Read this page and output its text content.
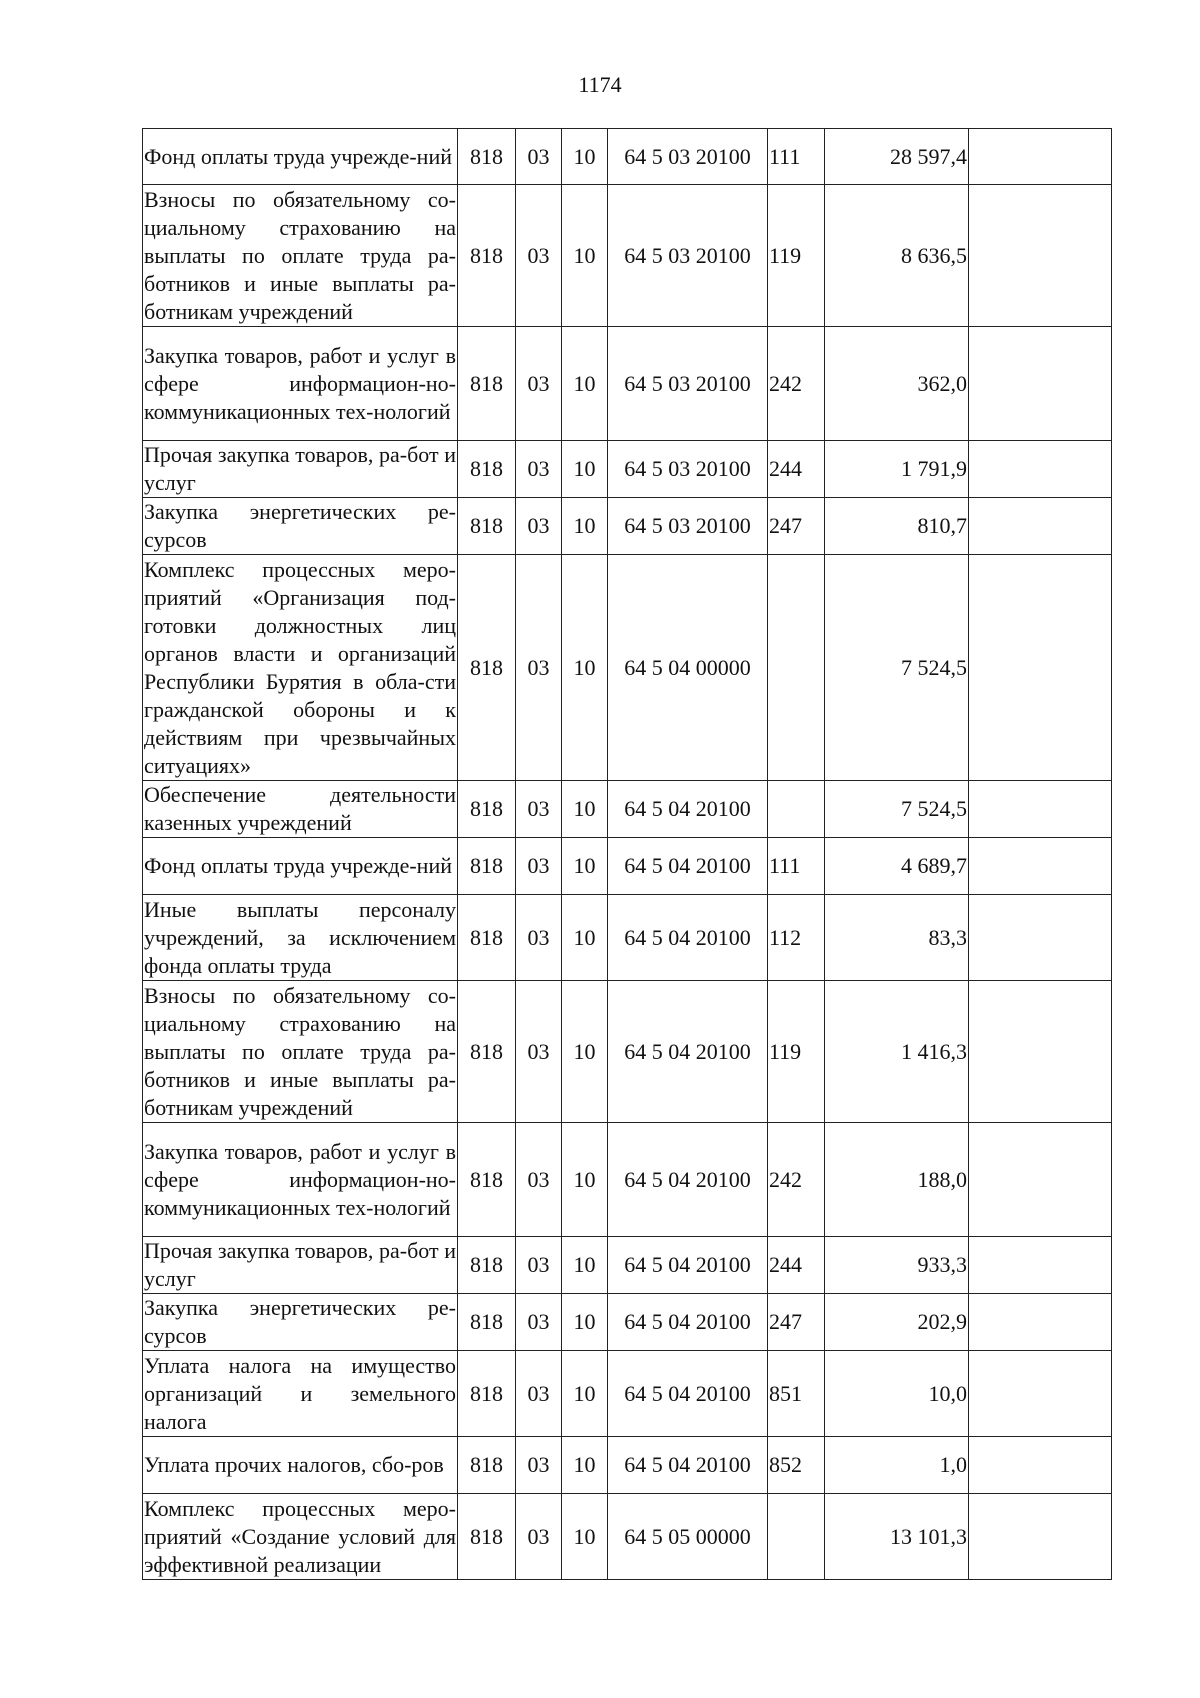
1174
Фонд оплаты труда учрежде-ний	818	03	10	64 5 03 20100	111	28 597,4	
Взносы по обязательному со-циальному страхованию на выплаты по оплате труда ра-ботников и иные выплаты ра-ботникам учреждений	818	03	10	64 5 03 20100	119	8 636,5	
Закупка товаров, работ и услуг в сфере информацион-но-коммуникационных тех-нологий	818	03	10	64 5 03 20100	242	362,0	
Прочая закупка товаров, ра-бот и услуг	818	03	10	64 5 03 20100	244	1 791,9	
Закупка энергетических ре-сурсов	818	03	10	64 5 03 20100	247	810,7	
Комплекс процессных меро-приятий «Организация под-готовки должностных лиц органов власти и организаций Республики Бурятия в обла-сти гражданской обороны и к действиям при чрезвычайных ситуациях»	818	03	10	64 5 04 00000		7 524,5	
Обеспечение деятельности казенных учреждений	818	03	10	64 5 04 20100		7 524,5	
Фонд оплаты труда учрежде-ний	818	03	10	64 5 04 20100	111	4 689,7	
Иные выплаты персоналу учреждений, за исключением фонда оплаты труда	818	03	10	64 5 04 20100	112	83,3	
Взносы по обязательному со-циальному страхованию на выплаты по оплате труда ра-ботников и иные выплаты ра-ботникам учреждений	818	03	10	64 5 04 20100	119	1 416,3	
Закупка товаров, работ и услуг в сфере информацион-но-коммуникационных тех-нологий	818	03	10	64 5 04 20100	242	188,0	
Прочая закупка товаров, ра-бот и услуг	818	03	10	64 5 04 20100	244	933,3	
Закупка энергетических ре-сурсов	818	03	10	64 5 04 20100	247	202,9	
Уплата налога на имущество организаций и земельного налога	818	03	10	64 5 04 20100	851	10,0	
Уплата прочих налогов, сбо-ров	818	03	10	64 5 04 20100	852	1,0	
Комплекс процессных меро-приятий «Создание условий для эффективной реализации	818	03	10	64 5 05 00000		13 101,3	
